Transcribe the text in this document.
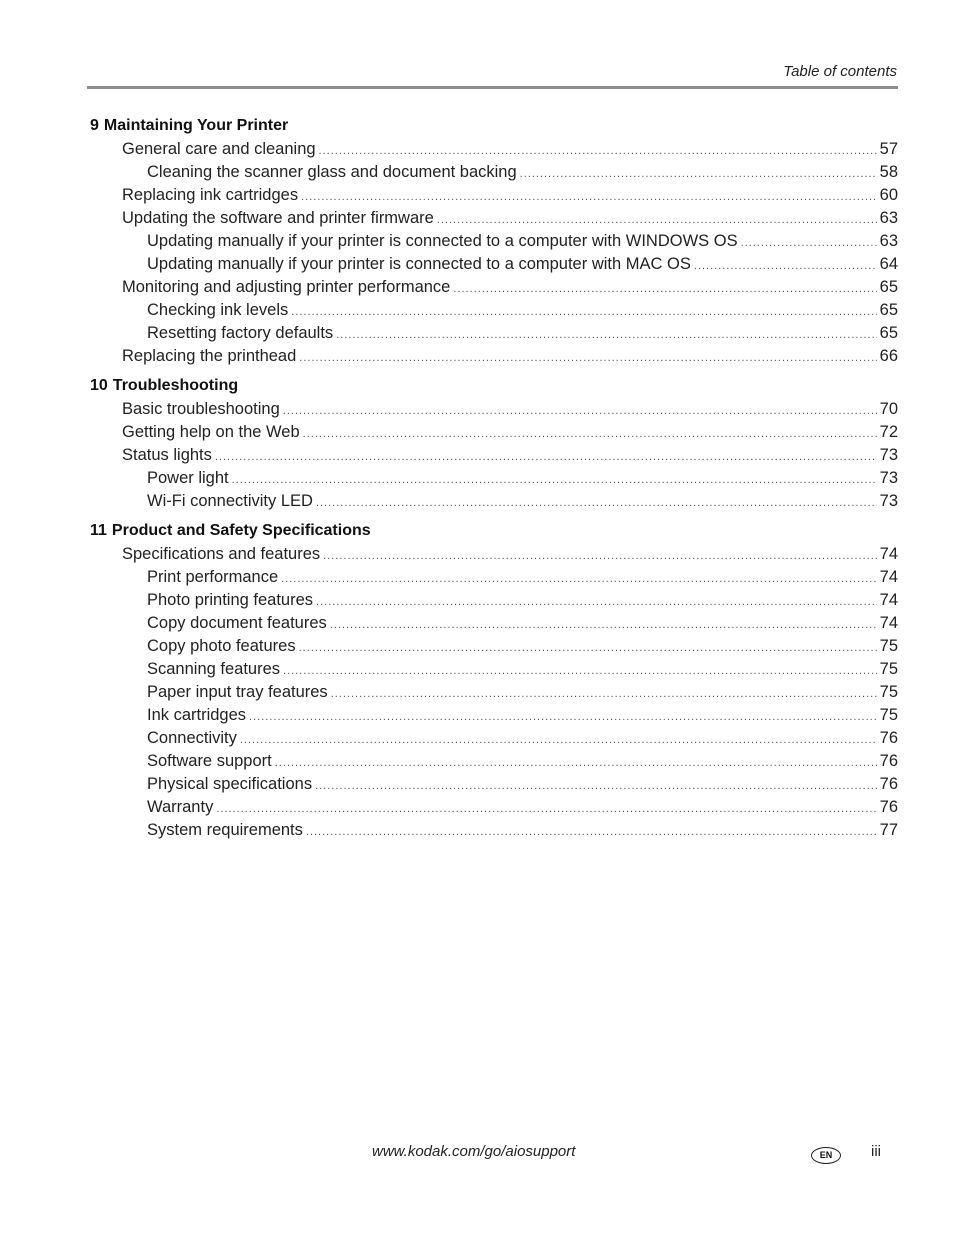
Table of contents
9 Maintaining Your Printer
General care and cleaning .....	57
Cleaning the scanner glass and document backing .....	58
Replacing ink cartridges .....	60
Updating the software and printer firmware .....	63
Updating manually if your printer is connected to a computer with WINDOWS OS .....	63
Updating manually if your printer is connected to a computer with MAC OS .....	64
Monitoring and adjusting printer performance .....	65
Checking ink levels .....	65
Resetting factory defaults .....	65
Replacing the printhead .....	66
10 Troubleshooting
Basic troubleshooting .....	70
Getting help on the Web .....	72
Status lights .....	73
Power light .....	73
Wi-Fi connectivity LED .....	73
11 Product and Safety Specifications
Specifications and features .....	74
Print performance .....	74
Photo printing features .....	74
Copy document features .....	74
Copy photo features .....	75
Scanning features .....	75
Paper input tray features .....	75
Ink cartridges .....	75
Connectivity .....	76
Software support .....	76
Physical specifications .....	76
Warranty .....	76
System requirements .....	77
www.kodak.com/go/aiosupport	EN	iii
